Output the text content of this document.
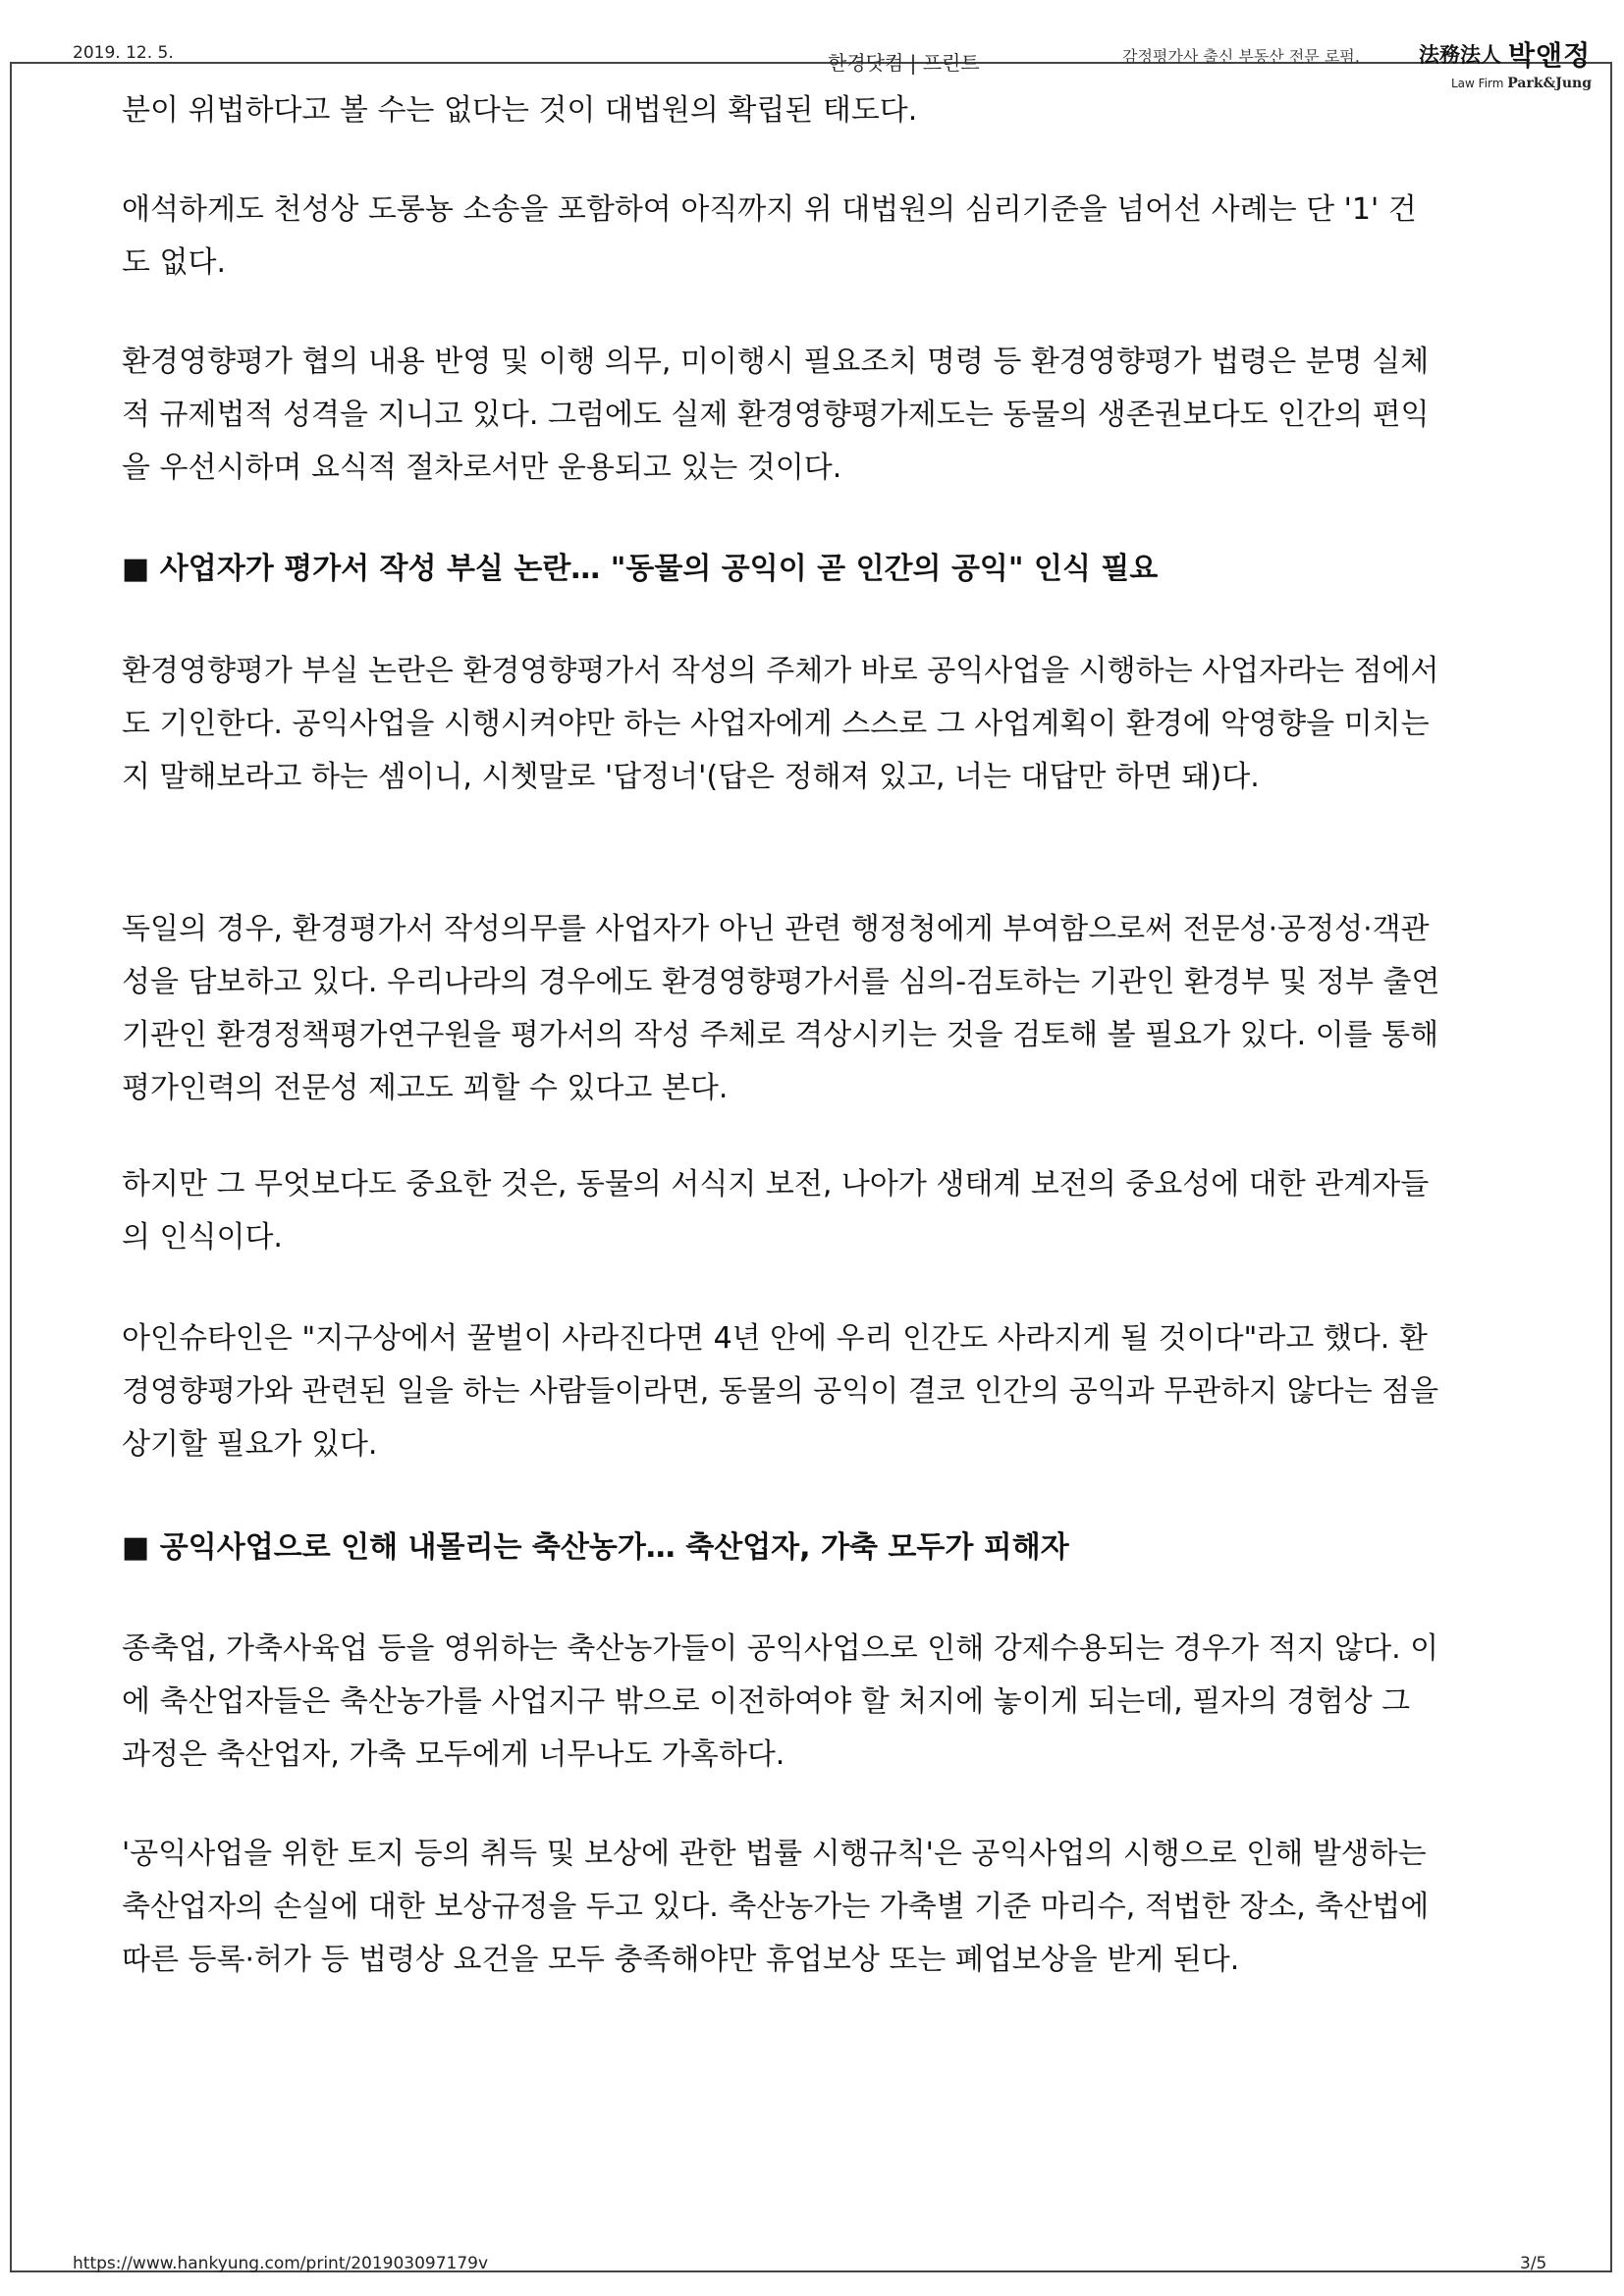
2019. 12. 5.	한경닷컴 | 프린트	감정평가사 출신 부동산 전문 로펌,	法務法人 박앤정
Law Firm Park&Jung

분이 위법하다고 볼 수는 없다는 것이 대법원의 확립된 태도다.

애석하게도 천성상 도롱뇽 소송을 포함하여 아직까지 위 대법원의 심리기준을 넘어선 사례는 단 '1' 건도 없다.

환경영향평가 협의 내용 반영 및 이행 의무, 미이행시 필요조치 명령 등 환경영향평가 법령은 분명 실체적 규제법적 성격을 지니고 있다. 그럼에도 실제 환경영향평가제도는 동물의 생존권보다도 인간의 편익을 우선시하며 요식적 절차로서만 운용되고 있는 것이다.

■ 사업자가 평가서 작성 부실 논란… "동물의 공익이 곧 인간의 공익" 인식 필요

환경영향평가 부실 논란은 환경영향평가서 작성의 주체가 바로 공익사업을 시행하는 사업자라는 점에서도 기인한다. 공익사업을 시행시켜야만 하는 사업자에게 스스로 그 사업계획이 환경에 악영향을 미치는지 말해보라고 하는 셈이니, 시쳇말로 '답정너'(답은 정해져 있고, 너는 대답만 하면 돼)다.

독일의 경우, 환경평가서 작성의무를 사업자가 아닌 관련 행정청에게 부여함으로써 전문성·공정성·객관성을 담보하고 있다. 우리나라의 경우에도 환경영향평가서를 심의-검토하는 기관인 환경부 및 정부 출연기관인 환경정책평가연구원을 평가서의 작성 주체로 격상시키는 것을 검토해 볼 필요가 있다. 이를 통해 평가인력의 전문성 제고도 꾀할 수 있다고 본다.

하지만 그 무엇보다도 중요한 것은, 동물의 서식지 보전, 나아가 생태계 보전의 중요성에 대한 관계자들의 인식이다.

아인슈타인은 "지구상에서 꿀벌이 사라진다면 4년 안에 우리 인간도 사라지게 될 것이다"라고 했다. 환경영향평가와 관련된 일을 하는 사람들이라면, 동물의 공익이 결코 인간의 공익과 무관하지 않다는 점을 상기할 필요가 있다.

■ 공익사업으로 인해 내몰리는 축산농가… 축산업자, 가축 모두가 피해자

종축업, 가축사육업 등을 영위하는 축산농가들이 공익사업으로 인해 강제수용되는 경우가 적지 않다. 이에 축산업자들은 축산농가를 사업지구 밖으로 이전하여야 할 처지에 놓이게 되는데, 필자의 경험상 그 과정은 축산업자, 가축 모두에게 너무나도 가혹하다.

'공익사업을 위한 토지 등의 취득 및 보상에 관한 법률 시행규칙'은 공익사업의 시행으로 인해 발생하는 축산업자의 손실에 대한 보상규정을 두고 있다. 축산농가는 가축별 기준 마리수, 적법한 장소, 축산법에 따른 등록·허가 등 법령상 요건을 모두 충족해야만 휴업보상 또는 폐업보상을 받게 된다.

https://www.hankyung.com/print/201903097179v	3/5
